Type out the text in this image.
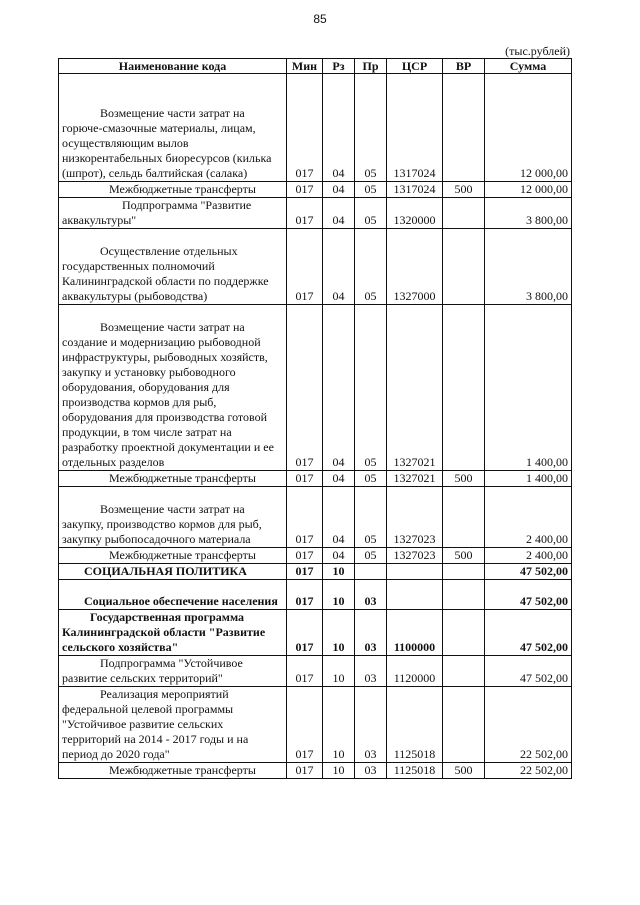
85
(тыс.рублей)
Наименование кода	Мин	Рз	Пр	ЦСР	ВР	Сумма

Возмещение части затрат на горюче-смазочные материалы, лицам, осуществляющим вылов низкорентабельных биоресурсов (килька (шпрот), сельдь балтийская (салака)	017	04	05	1317024		12 000,00
Межбюджетные трансферты	017	04	05	1317024	500	12 000,00

Подпрограмма "Развитие аквакультуры"	017	04	05	1320000		3 800,00

Осуществление отдельных государственных полномочий Калининградской области по поддержке аквакультуры (рыбоводства)	017	04	05	1327000		3 800,00

Возмещение части затрат на создание и модернизацию рыбоводной инфраструктуры, рыбоводных хозяйств, закупку и установку рыбоводного оборудования, оборудования для производства кормов для рыб, оборудования для производства готовой продукции, в том числе затрат на разработку проектной документации и ее отдельных разделов	017	04	05	1327021		1 400,00
Межбюджетные трансферты	017	04	05	1327021	500	1 400,00

Возмещение части затрат на закупку, производство кормов для рыб, закупку рыбопосадочного материала	017	04	05	1327023		2 400,00
Межбюджетные трансферты	017	04	05	1327023	500	2 400,00
СОЦИАЛЬНАЯ ПОЛИТИКА	017	10				47 502,00
Социальное обеспечение населения	017	10	03			47 502,00

Государственная программа Калининградской области "Развитие сельского хозяйства"	017	10	03	1100000		47 502,00

Подпрограмма "Устойчивое развитие сельских территорий"	017	10	03	1120000		47 502,00

Реализация мероприятий федеральной целевой программы "Устойчивое развитие сельских территорий на 2014 - 2017 годы и на период до 2020 года"	017	10	03	1125018		22 502,00
Межбюджетные трансферты	017	10	03	1125018	500	22 502,00
